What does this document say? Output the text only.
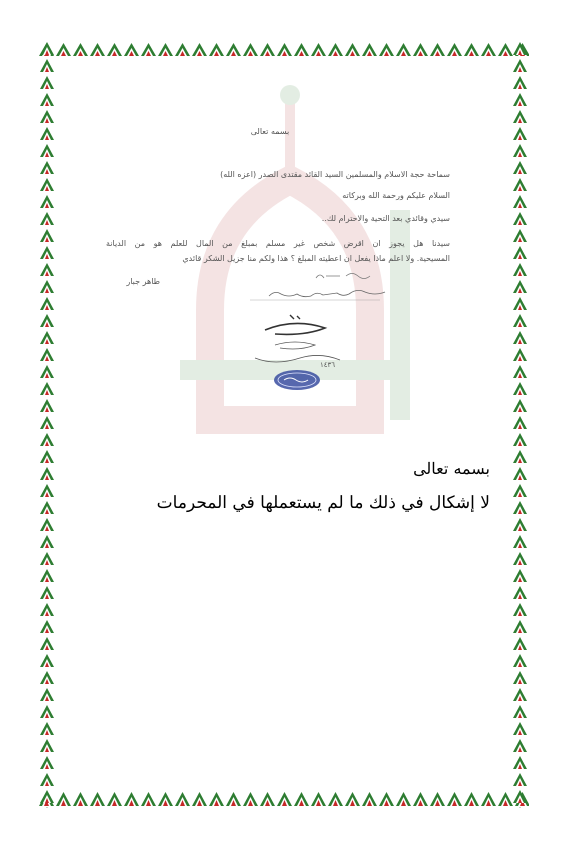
بسمه تعالى
سماحة حجة الاسلام والمسلمين السيد القائد مقتدى الصدر (اعزه الله)
السلام عليكم ورحمة الله وبركاته
سيدي وقائدي بعد التحية والاحترام لك..
سيدنا هل يجوز ان اقرض شخص غير مسلم بمبلغ من المال للعلم هو من الديانة
المسيحية. ولا اعلم ماذا يفعل ان اعطيته المبلغ ؟ هذا ولكم منا جزيل الشكر قائدي
طاهر جبار
١٤٣٦
بسمه تعالى
لا إشكال في ذلك ما لم يستعملها في المحرمات
